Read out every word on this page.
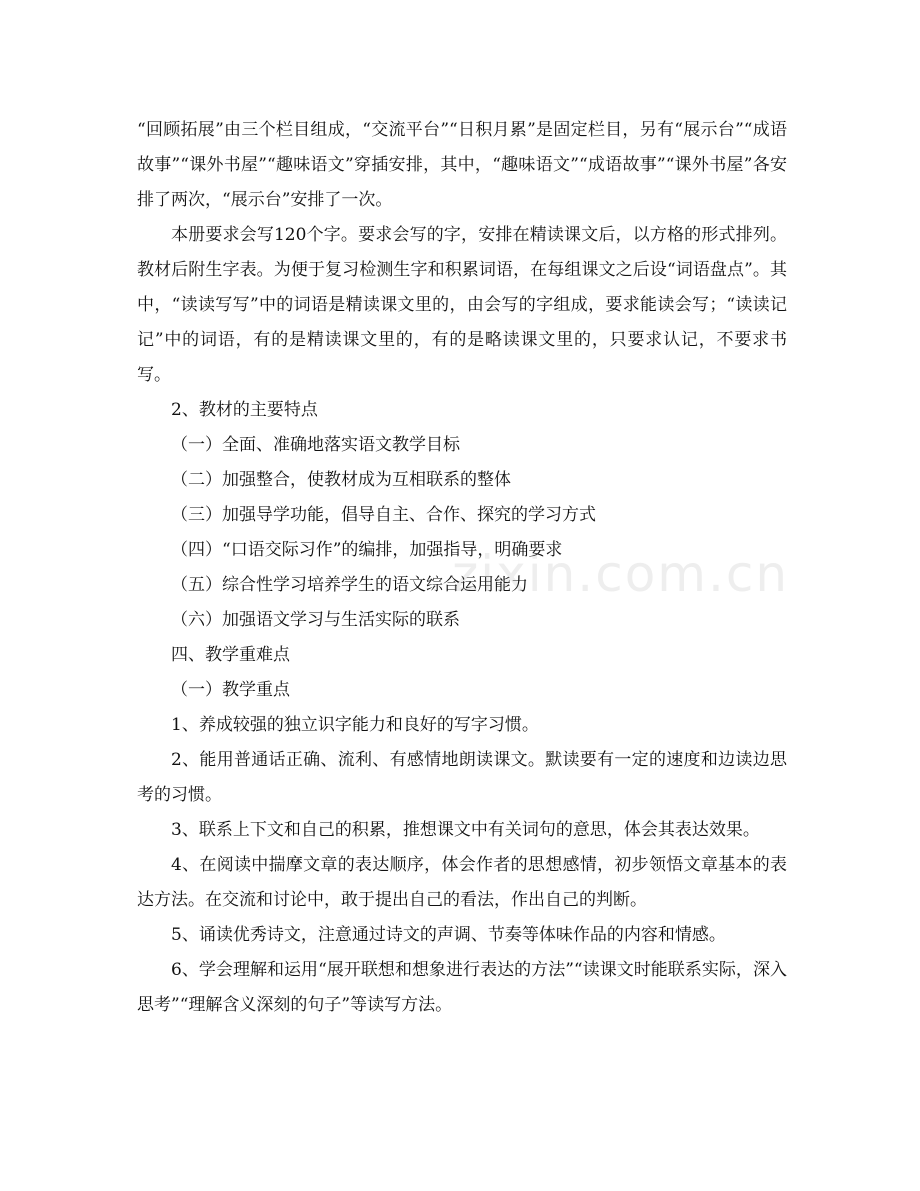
“回顾拓展”由三个栏目组成，“交流平台”“日积月累”是固定栏目，另有“展示台”“成语故事”“课外书屋”“趣味语文”穿插安排，其中，“趣味语文”“成语故事”“课外书屋”各安排了两次，“展示台”安排了一次。

本册要求会写120个字。要求会写的字，安排在精读课文后，以方格的形式排列。教材后附生字表。为便于复习检测生字和积累词语，在每组课文之后设“词语盘点”。其中，“读读写写”中的词语是精读课文里的，由会写的字组成，要求能读会写；“读读记记”中的词语，有的是精读课文里的，有的是略读课文里的，只要求认记，不要求书写。

2、教材的主要特点

（一）全面、准确地落实语文教学目标

（二）加强整合，使教材成为互相联系的整体

（三）加强导学功能，倡导自主、合作、探究的学习方式

（四）“口语交际习作”的编排，加强指导，明确要求

（五）综合性学习培养学生的语文综合运用能力

（六）加强语文学习与生活实际的联系

四、教学重难点

（一）教学重点

1、养成较强的独立识字能力和良好的写字习惯。

2、能用普通话正确、流利、有感情地朗读课文。默读要有一定的速度和边读边思考的习惯。

3、联系上下文和自己的积累，推想课文中有关词句的意思，体会其表达效果。

4、在阅读中揣摩文章的表达顺序，体会作者的思想感情，初步领悟文章基本的表达方法。在交流和讨论中，敢于提出自己的看法，作出自己的判断。

5、诵读优秀诗文，注意通过诗文的声调、节奏等体味作品的内容和情感。

6、学会理解和运用“展开联想和想象进行表达的方法”“读课文时能联系实际，深入思考”“理解含义深刻的句子”等读写方法。

zixin.com.cn
